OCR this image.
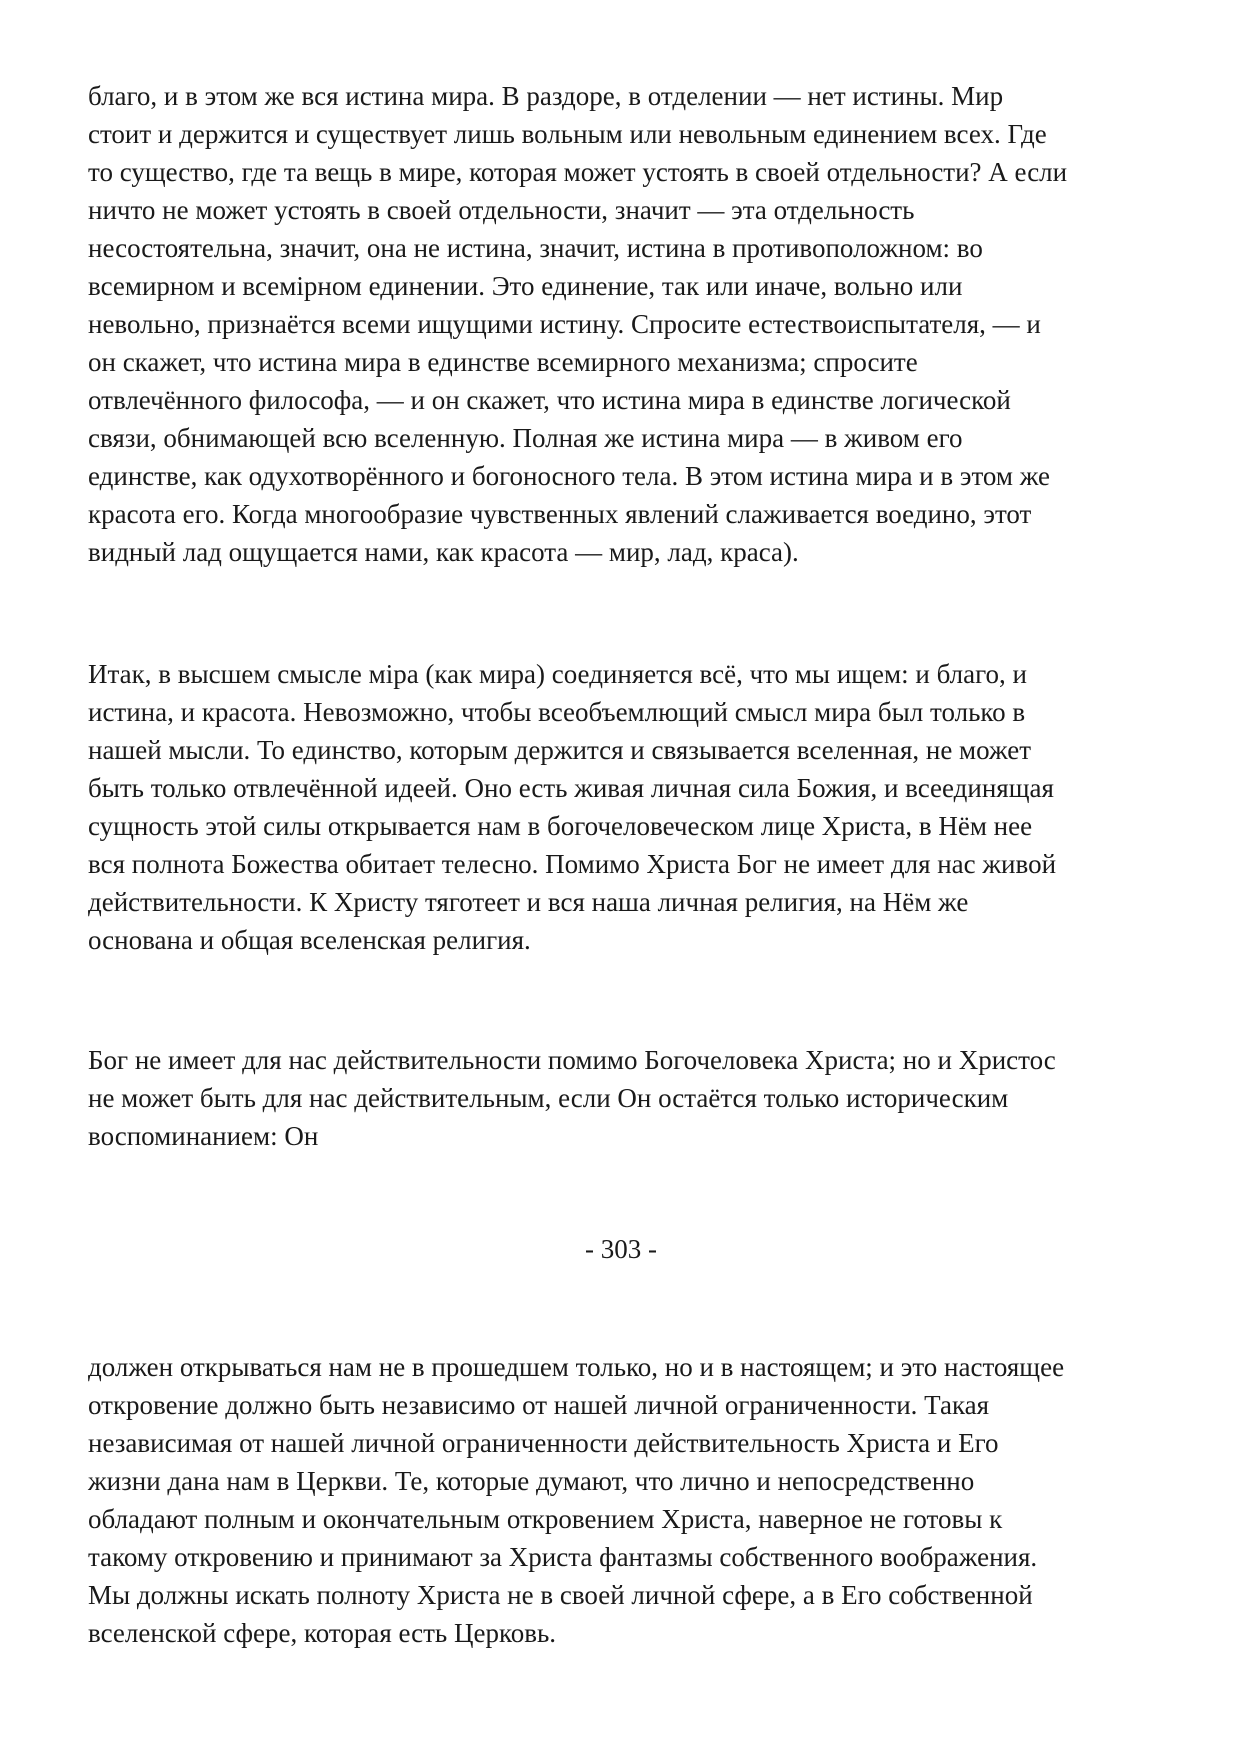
благо, и в этом же вся истина мира. В раздоре, в отделении — нет истины. Мир

стоит и держится и существует лишь вольным или невольным единением всех. Где

то существо, где та вещь в мире, которая может устоять в своей отдельности? А если

ничто не может устоять в своей отдельности, значит — эта отдельность

несостоятельна, значит, она не истина, значит, истина в противоположном: во

всемирном и всемiрном единении. Это единение, так или иначе, вольно или

невольно, признаётся всеми ищущими истину. Спросите естествоиспытателя, — и

он скажет, что истина мира в единстве всемирного механизма; спросите

отвлечённого философа, — и он скажет, что истина мира в единстве логической

связи, обнимающей всю вселенную. Полная же истина мира — в живом его

единстве, как одухотворённого и богоносного тела. В этом истина мира и в этом же

красота его. Когда многообразие чувственных явлений слаживается воедино, этот

видный лад ощущается нами, как красота — мир, лад, краса).

Итак, в высшем смысле мiра (как мира) соединяется всё, что мы ищем: и благо, и

истина, и красота. Невозможно, чтобы всеобъемлющий смысл мира был только в

нашей мысли. То единство, которым держится и связывается вселенная, не может

быть только отвлечённой идеей. Оно есть живая личная сила Божия, и всеединящая

сущность этой силы открывается нам в богочеловеческом лице Христа, в Нём нее

вся полнота Божества обитает телесно. Помимо Христа Бог не имеет для нас живой

действительности. К Христу тяготеет и вся наша личная религия, на Нём же

основана и общая вселенская религия.

Бог не имеет для нас действительности помимо Богочеловека Христа; но и Христос

не может быть для нас действительным, если Он остаётся только историческим

воспоминанием: Он

- 303 -

должен открываться нам не в прошедшем только, но и в настоящем; и это настоящее

откровение должно быть независимо от нашей личной ограниченности. Такая

независимая от нашей личной ограниченности действительность Христа и Его

жизни дана нам в Церкви. Те, которые думают, что лично и непосредственно

обладают полным и окончательным откровением Христа, наверное не готовы к

такому откровению и принимают за Христа фантазмы собственного воображения.

Мы должны искать полноту Христа не в своей личной сфере, а в Его собственной

вселенской сфере, которая есть Церковь.
